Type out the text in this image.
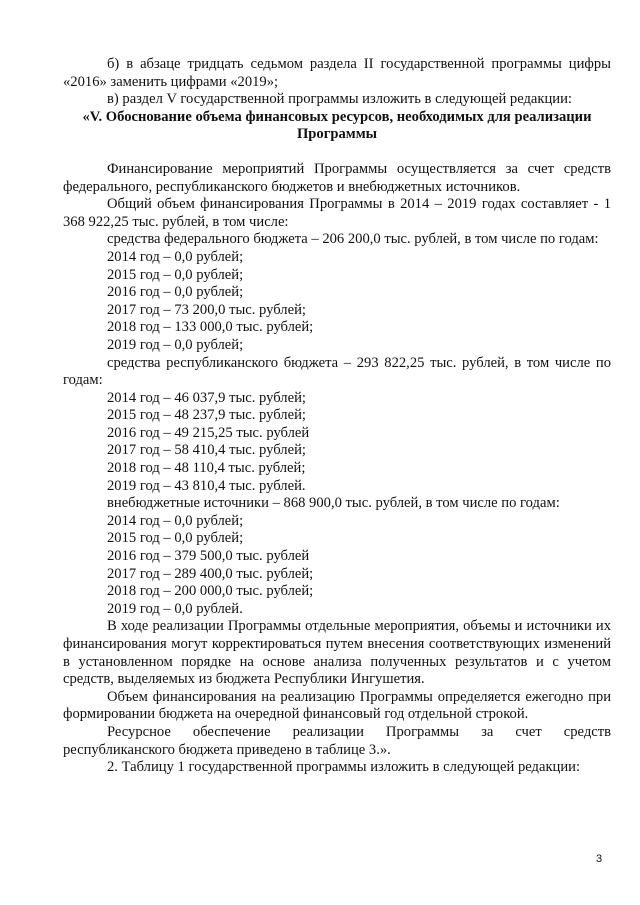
б) в абзаце тридцать седьмом раздела II государственной программы цифры «2016» заменить цифрами «2019»;

в) раздел V государственной программы изложить в следующей редакции:

«V. Обоснование объема финансовых ресурсов, необходимых для реализации Программы

Финансирование мероприятий Программы осуществляется за счет средств федерального, республиканского бюджетов и внебюджетных источников.

Общий объем финансирования Программы в 2014 – 2019 годах составляет - 1 368 922,25 тыс. рублей, в том числе:

средства федерального бюджета – 206 200,0 тыс. рублей, в том числе по годам:

2014 год – 0,0 рублей;

2015 год – 0,0 рублей;

2016 год – 0,0 рублей;

2017 год – 73 200,0 тыс. рублей;

2018 год – 133 000,0 тыс. рублей;

2019 год – 0,0 рублей;

средства республиканского бюджета – 293 822,25 тыс. рублей, в том числе по годам:

2014 год – 46 037,9 тыс. рублей;

2015 год – 48 237,9 тыс. рублей;

2016 год – 49 215,25 тыс. рублей

2017 год – 58 410,4 тыс. рублей;

2018 год – 48 110,4 тыс. рублей;

2019 год – 43 810,4 тыс. рублей.

внебюджетные источники – 868 900,0 тыс. рублей, в том числе по годам:

2014 год – 0,0 рублей;

2015 год – 0,0 рублей;

2016 год – 379 500,0 тыс. рублей

2017 год – 289 400,0 тыс. рублей;

2018 год – 200 000,0 тыс. рублей;

2019 год – 0,0 рублей.

В ходе реализации Программы отдельные мероприятия, объемы и источники их финансирования могут корректироваться путем внесения соответствующих изменений в установленном порядке на основе анализа полученных результатов и с учетом средств, выделяемых из бюджета Республики Ингушетия.

Объем финансирования на реализацию Программы определяется ежегодно при формировании бюджета на очередной финансовый год отдельной строкой.

Ресурсное обеспечение реализации Программы за счет средств республиканского бюджета приведено в таблице 3.».

2. Таблицу 1 государственной программы изложить в следующей редакции:

3
